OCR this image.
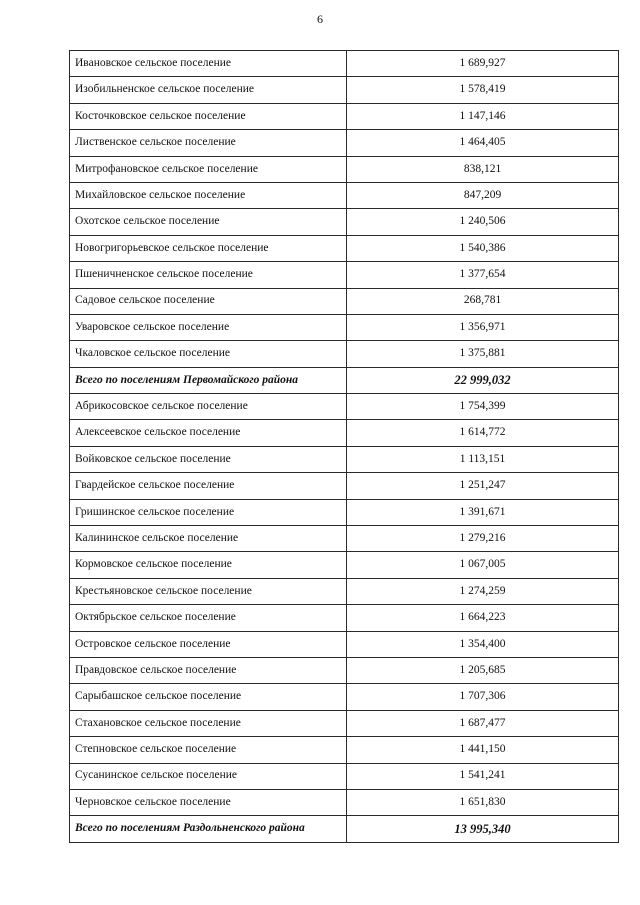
6
Ивановское сельское поселение	1 689,927
Изобильненское сельское поселение	1 578,419
Косточковское сельское поселение	1 147,146
Лиственское сельское поселение	1 464,405
Митрофановское сельское поселение	838,121
Михайловское сельское поселение	847,209
Охотское сельское поселение	1 240,506
Новогригорьевское сельское поселение	1 540,386
Пшеничненское сельское поселение	1 377,654
Садовое сельское поселение	268,781
Уваровское сельское поселение	1 356,971
Чкаловское сельское поселение	1 375,881
Всего по поселениям Первомайского района	22 999,032
Абрикосовское сельское поселение	1 754,399
Алексеевское сельское поселение	1 614,772
Войковское сельское поселение	1 113,151
Гвардейское сельское поселение	1 251,247
Гришинское сельское поселение	1 391,671
Калининское сельское поселение	1 279,216
Кормовское сельское поселение	1 067,005
Крестьяновское сельское поселение	1 274,259
Октябрьское сельское поселение	1 664,223
Островское сельское поселение	1 354,400
Правдовское сельское поселение	1 205,685
Сарыбашское сельское поселение	1 707,306
Стахановское сельское поселение	1 687,477
Степновское сельское поселение	1 441,150
Сусанинское сельское поселение	1 541,241
Черновское сельское поселение	1 651,830
Всего по поселениям Раздольненского района	13 995,340
